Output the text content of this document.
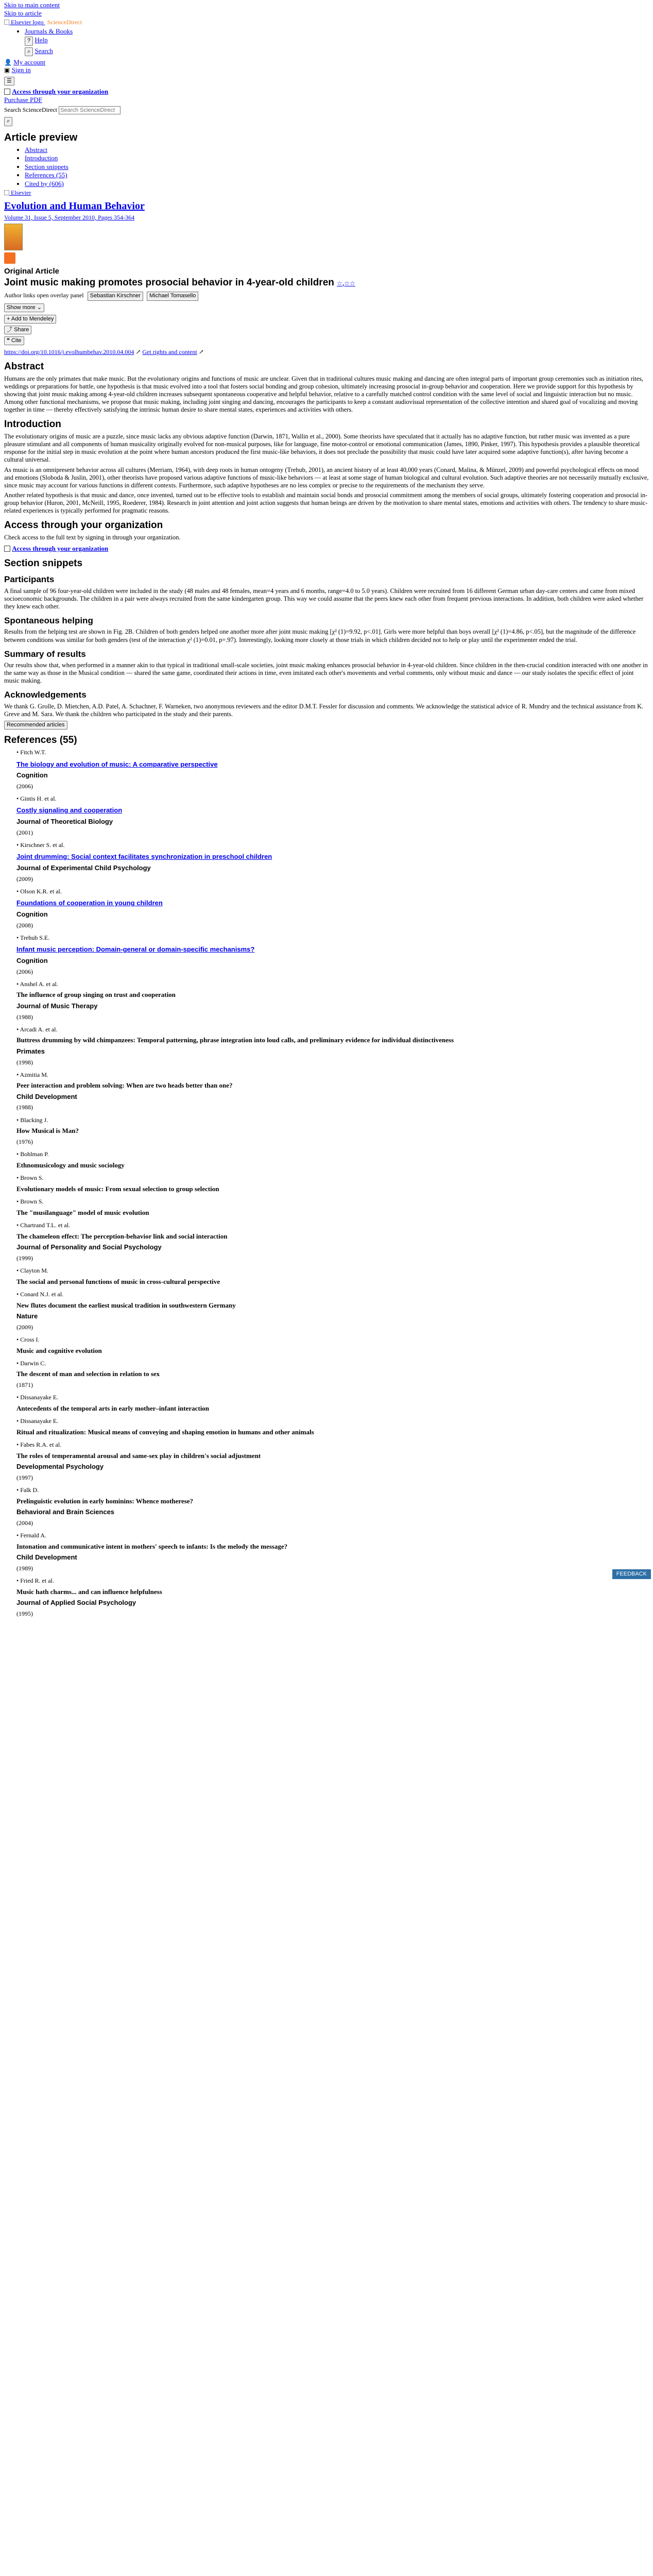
Skip to main content
Skip to article
Elsevier logo ScienceDirect
• Journals & Books
? Help
⌕ Search
👤 My account
▣ Sign in
☰
Access through your organization
Purchase PDF
Search ScienceDirect Search ScienceDirect
⌕
Article preview
• Abstract
• Introduction
• Section snippets
• References (55)
• Cited by (606)
Elsevier
Evolution and Human Behavior
Volume 31, Issue 5, September 2010, Pages 354-364
Original Article
Joint music making promotes prosocial behavior in 4-year-old children ☆,☆☆
Author links open overlay panel Sebastian Kirschner Michael Tomasello
Show more ⌄
+ Add to Mendeley
⤴ Share
❝ Cite
https://doi.org/10.1016/j.evolhumbehav.2010.04.004 ↗ Get rights and content ↗
Abstract

Humans are the only primates that make music. But the evolutionary origins and functions of music are unclear. Given that in traditional cultures music making and dancing are often integral parts of important group ceremonies such as initiation rites, weddings or preparations for battle, one hypothesis is that music evolved into a tool that fosters social bonding and group cohesion, ultimately increasing prosocial in-group behavior and cooperation. Here we provide support for this hypothesis by showing that joint music making among 4-year-old children increases subsequent spontaneous cooperative and helpful behavior, relative to a carefully matched control condition with the same level of social and linguistic interaction but no music. Among other functional mechanisms, we propose that music making, including joint singing and dancing, encourages the participants to keep a constant audiovisual representation of the collective intention and shared goal of vocalizing and moving together in time — thereby effectively satisfying the intrinsic human desire to share mental states, experiences and activities with others.

Introduction

The evolutionary origins of music are a puzzle, since music lacks any obvious adaptive function (Darwin, 1871, Wallin et al., 2000). Some theorists have speculated that it actually has no adaptive function, but rather music was invented as a pure pleasure stimulant and all components of human musicality originally evolved for non-musical purposes, like for language, fine motor-control or emotional communication (James, 1890, Pinker, 1997). This hypothesis provides a plausible theoretical response for the initial step in music evolution at the point where human ancestors produced the first music-like behaviors, it does not preclude the possibility that music could have later acquired some adaptive function(s), after having become a cultural universal.

As music is an omnipresent behavior across all cultures (Merriam, 1964), with deep roots in human ontogeny (Trehub, 2001), an ancient history of at least 40,000 years (Conard, Malina, & Münzel, 2009) and powerful psychological effects on mood and emotions (Sloboda & Juslin, 2001), other theorists have proposed various adaptive functions of music-like behaviors — at least at some stage of human biological and cultural evolution. Such adaptive theories are not necessarily mutually exclusive, since music may account for various functions in different contexts. Furthermore, such adaptive hypotheses are no less complex or precise to the requirements of the mechanism they serve.

Another related hypothesis is that music and dance, once invented, turned out to be effective tools to establish and maintain social bonds and prosocial commitment among the members of social groups, ultimately fostering cooperation and prosocial in-group behavior (Huron, 2001, McNeill, 1995, Roederer, 1984). Research in joint attention and joint action suggests that human beings are driven by the motivation to share mental states, emotions and activities with others. The tendency to share music-related experiences is typically performed for pragmatic reasons.

Access through your organization

Check access to the full text by signing in through your organization.

Access through your organization
Section snippets
Participants

A final sample of 96 four-year-old children were included in the study (48 males and 48 females, mean=4 years and 6 months, range=4.0 to 5.0 years). Children were recruited from 16 different German urban day-care centers and came from mixed socioeconomic backgrounds. The children in a pair were always recruited from the same kindergarten group. This way we could assume that the peers knew each other from frequent previous interactions. In addition, both children were asked whether they knew each other.

Spontaneous helping

Results from the helping test are shown in Fig. 2B. Children of both genders helped one another more after joint music making [χ² (1)=9.92, p<.01]. Girls were more helpful than boys overall [χ² (1)=4.86, p<.05], but the magnitude of the difference between conditions was similar for both genders (test of the interaction χ² (1)=0.01, p=.97). Interestingly, looking more closely at those trials in which children decided not to help or play until the experimenter ended the trial.

Summary of results

Our results show that, when performed in a manner akin to that typical in traditional small-scale societies, joint music making enhances prosocial behavior in 4-year-old children. Since children in the then-crucial condition interacted with one another in the same way as those in the Musical condition — shared the same game, coordinated their actions in time, even imitated each other's movements and verbal comments, only without music and dance — our study isolates the specific effect of joint music making.

Acknowledgements

We thank G. Grolle, D. Mietchen, A.D. Patel, A. Schachner, F. Warneken, two anonymous reviewers and the editor D.M.T. Fessler for discussion and comments. We acknowledge the statistical advice of R. Mundry and the technical assistance from K. Greve and M. Sara. We thank the children who participated in the study and their parents.

Recommended articles
References (55)
• Fitch W.T.
The biology and evolution of music: A comparative perspective
Cognition
(2006)
• Gintis H. et al.
Costly signaling and cooperation
Journal of Theoretical Biology
(2001)
• Kirschner S. et al.
Joint drumming: Social context facilitates synchronization in preschool children
Journal of Experimental Child Psychology
(2009)
• Olson K.R. et al.
Foundations of cooperation in young children
Cognition
(2008)
• Trehub S.E.
Infant music perception: Domain-general or domain-specific mechanisms?
Cognition
(2006)
• Anshel A. et al.
The influence of group singing on trust and cooperation
Journal of Music Therapy
(1988)
• Arcadi A. et al.
Buttress drumming by wild chimpanzees: Temporal patterning, phrase integration into loud calls, and preliminary evidence for individual distinctiveness
Primates
(1998)
• Azmitia M.
Peer interaction and problem solving: When are two heads better than one?
Child Development
(1988)
• Blacking J.
How Musical is Man?
(1976)
• Bohlman P.
Ethnomusicology and music sociology
• Brown S.
Evolutionary models of music: From sexual selection to group selection
• Brown S.
The "musilanguage" model of music evolution
• Chartrand T.L. et al.
The chameleon effect: The perception-behavior link and social interaction
Journal of Personality and Social Psychology
(1999)
• Clayton M.
The social and personal functions of music in cross-cultural perspective
• Conard N.J. et al.
New flutes document the earliest musical tradition in southwestern Germany
Nature
(2009)
• Cross I.
Music and cognitive evolution
• Darwin C.
The descent of man and selection in relation to sex
(1871)
• Dissanayake E.
Antecedents of the temporal arts in early mother–infant interaction
• Dissanayake E.
Ritual and ritualization: Musical means of conveying and shaping emotion in humans and other animals
• Fabes R.A. et al.
The roles of temperamental arousal and same-sex play in children's social adjustment
Developmental Psychology
(1997)
• Falk D.
Prelinguistic evolution in early hominins: Whence motherese?
Behavioral and Brain Sciences
(2004)
• Fernald A.
Intonation and communicative intent in mothers' speech to infants: Is the melody the message?
Child Development
(1989)
• Fried R. et al.
Music hath charms... and can influence helpfulness
Journal of Applied Social Psychology
(1995)
FEEDBACK
